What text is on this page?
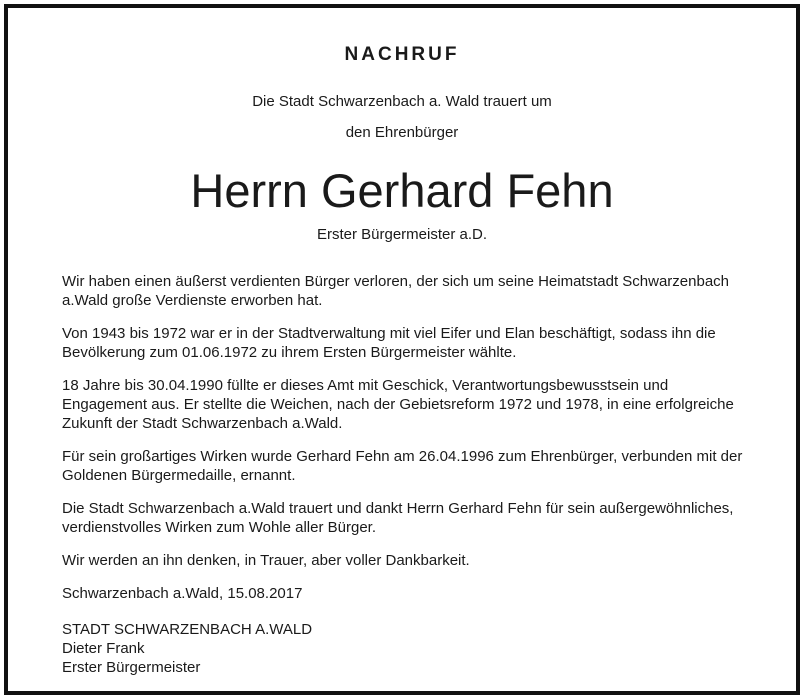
NACHRUF

Die Stadt Schwarzenbach a. Wald trauert um

den Ehrenbürger

Herrn Gerhard Fehn

Erster Bürgermeister a.D.

Wir haben einen äußerst verdienten Bürger verloren, der sich um seine Heimatstadt Schwarzenbach a.Wald große Verdienste erworben hat.

Von 1943 bis 1972 war er in der Stadtverwaltung mit viel Eifer und Elan beschäftigt, sodass ihn die Bevölkerung zum 01.06.1972 zu ihrem Ersten Bürgermeister wählte.

18 Jahre bis 30.04.1990 füllte er dieses Amt mit Geschick, Verantwortungsbewusstsein und Engagement aus. Er stellte die Weichen, nach der Gebietsreform 1972 und 1978, in eine erfolgreiche Zukunft der Stadt Schwarzenbach a.Wald.

Für sein großartiges Wirken wurde Gerhard Fehn am 26.04.1996 zum Ehrenbürger, verbunden mit der Goldenen Bürgermedaille, ernannt.

Die Stadt Schwarzenbach a.Wald trauert und dankt Herrn Gerhard Fehn für sein außergewöhnliches, verdienstvolles Wirken zum Wohle aller Bürger.

Wir werden an ihn denken, in Trauer, aber voller Dankbarkeit.

Schwarzenbach a.Wald, 15.08.2017

STADT SCHWARZENBACH A.WALD
Dieter Frank
Erster Bürgermeister
